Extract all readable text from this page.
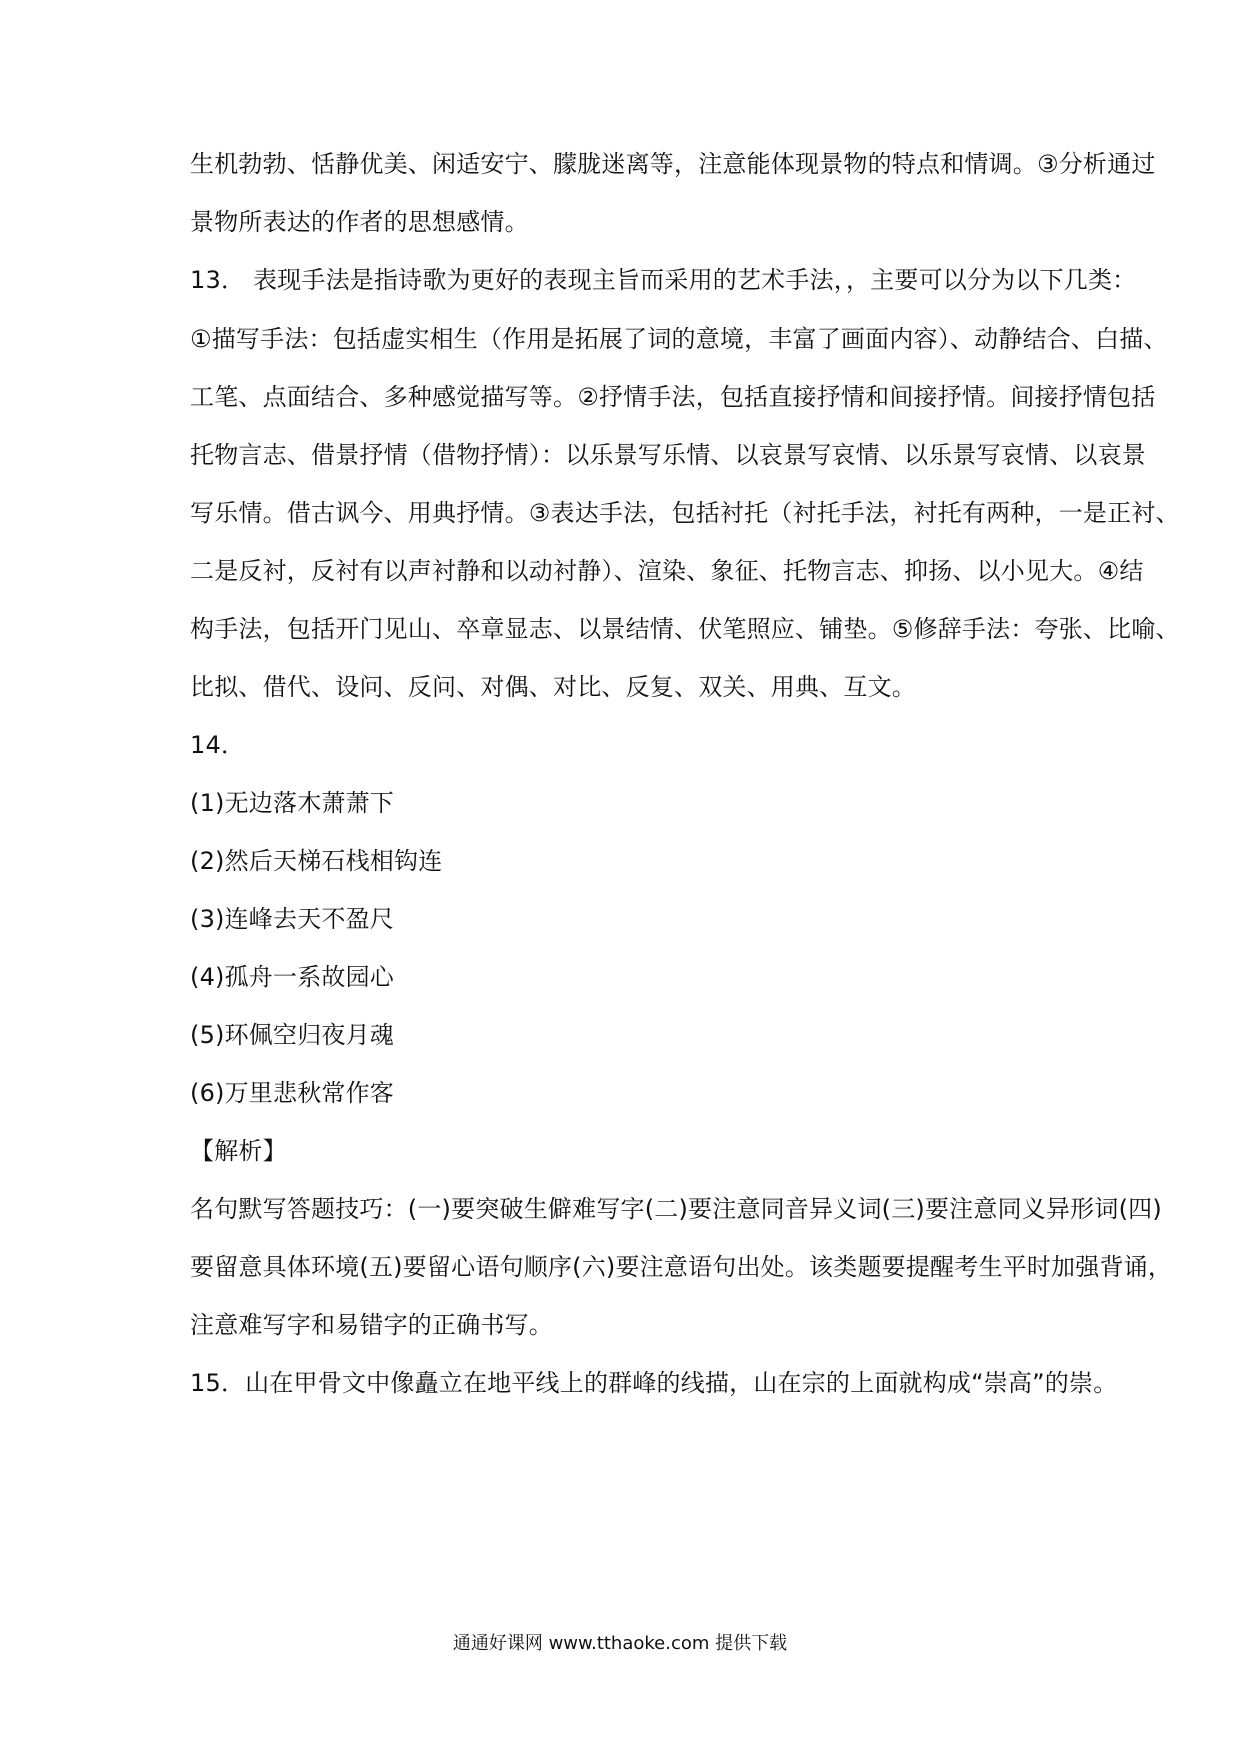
生机勃勃、恬静优美、闲适安宁、朦胧迷离等，注意能体现景物的特点和情调。③分析通过
景物所表达的作者的思想感情。
13． 表现手法是指诗歌为更好的表现主旨而采用的艺术手法，，主要可以分为以下几类：
①描写手法：包括虚实相生（作用是拓展了词的意境，丰富了画面内容）、动静结合、白描、
工笔、点面结合、多种感觉描写等。②抒情手法，包括直接抒情和间接抒情。间接抒情包括
托物言志、借景抒情（借物抒情）：以乐景写乐情、以哀景写哀情、以乐景写哀情、以哀景
写乐情。借古讽今、用典抒情。③表达手法，包括衬托（衬托手法，衬托有两种，一是正衬、
二是反衬，反衬有以声衬静和以动衬静）、渲染、象征、托物言志、抑扬、以小见大。④结
构手法，包括开门见山、卒章显志、以景结情、伏笔照应、铺垫。⑤修辞手法：夸张、比喻、
比拟、借代、设问、反问、对偶、对比、反复、双关、用典、互文。
14．
(1)无边落木萧萧下
(2)然后天梯石栈相钩连
(3)连峰去天不盈尺
(4)孤舟一系故园心
(5)环佩空归夜月魂
(6)万里悲秋常作客
【解析】
名句默写答题技巧：(一)要突破生僻难写字(二)要注意同音异义词(三)要注意同义异形词(四)
要留意具体环境(五)要留心语句顺序(六)要注意语句出处。该类题要提醒考生平时加强背诵，
注意难写字和易错字的正确书写。
15．山在甲骨文中像矗立在地平线上的群峰的线描，山在宗的上面就构成“崇高”的崇。
通通好课网 www.tthaoke.com 提供下载
